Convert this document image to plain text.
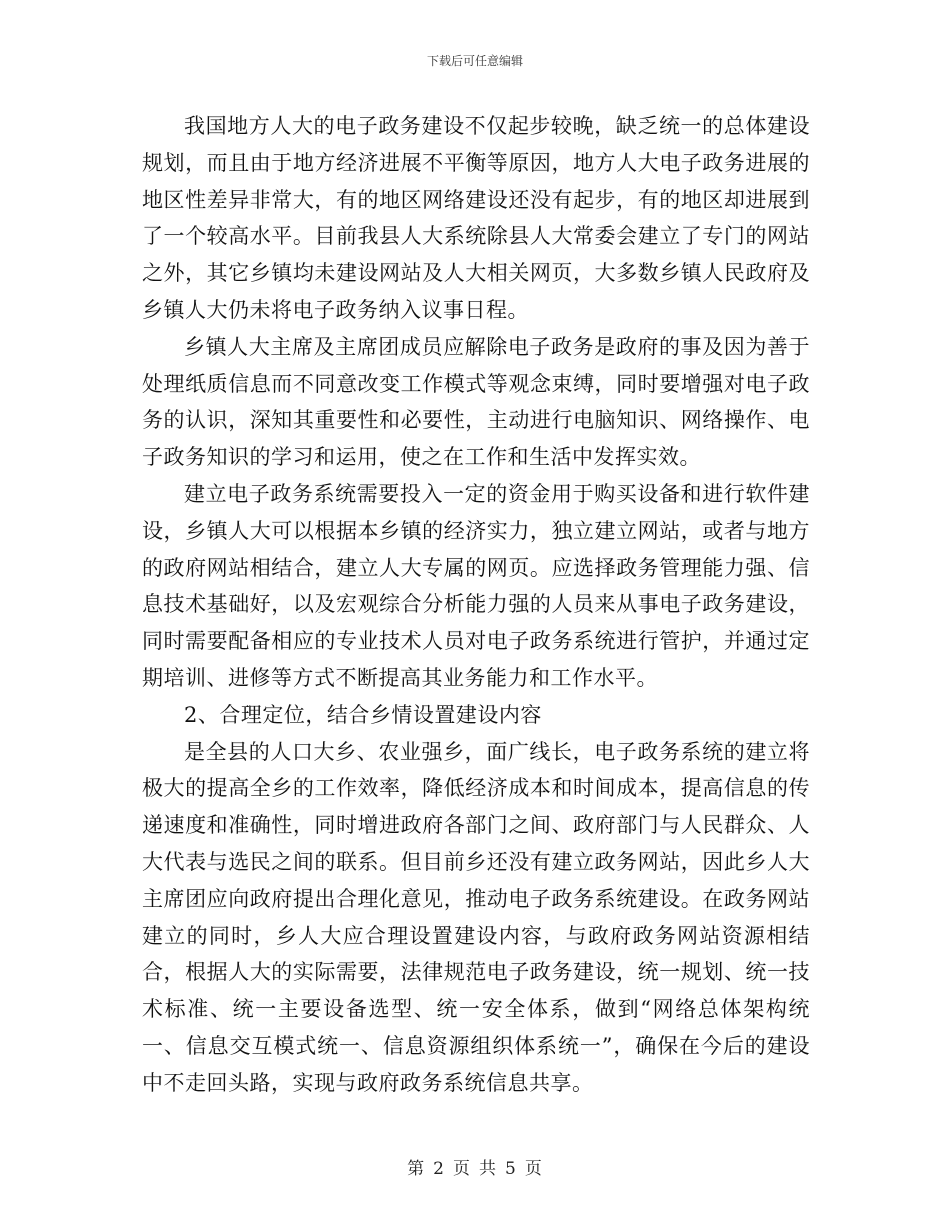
下载后可任意编辑

我国地方人大的电子政务建设不仅起步较晚，缺乏统一的总体建设规划，而且由于地方经济进展不平衡等原因，地方人大电子政务进展的地区性差异非常大，有的地区网络建设还没有起步，有的地区却进展到了一个较高水平。目前我县人大系统除县人大常委会建立了专门的网站之外，其它乡镇均未建设网站及人大相关网页，大多数乡镇人民政府及乡镇人大仍未将电子政务纳入议事日程。

乡镇人大主席及主席团成员应解除电子政务是政府的事及因为善于处理纸质信息而不同意改变工作模式等观念束缚，同时要增强对电子政务的认识，深知其重要性和必要性，主动进行电脑知识、网络操作、电子政务知识的学习和运用，使之在工作和生活中发挥实效。

建立电子政务系统需要投入一定的资金用于购买设备和进行软件建设，乡镇人大可以根据本乡镇的经济实力，独立建立网站，或者与地方的政府网站相结合，建立人大专属的网页。应选择政务管理能力强、信息技术基础好，以及宏观综合分析能力强的人员来从事电子政务建设，同时需要配备相应的专业技术人员对电子政务系统进行管护，并通过定期培训、进修等方式不断提高其业务能力和工作水平。

2、合理定位，结合乡情设置建设内容

是全县的人口大乡、农业强乡，面广线长，电子政务系统的建立将极大的提高全乡的工作效率，降低经济成本和时间成本，提高信息的传递速度和准确性，同时增进政府各部门之间、政府部门与人民群众、人大代表与选民之间的联系。但目前乡还没有建立政务网站，因此乡人大主席团应向政府提出合理化意见，推动电子政务系统建设。在政务网站建立的同时，乡人大应合理设置建设内容，与政府政务网站资源相结合，根据人大的实际需要，法律规范电子政务建设，统一规划、统一技术标准、统一主要设备选型、统一安全体系，做到“网络总体架构统一、信息交互模式统一、信息资源组织体系统一”，确保在今后的建设中不走回头路，实现与政府政务系统信息共享。

第 2 页 共 5 页
